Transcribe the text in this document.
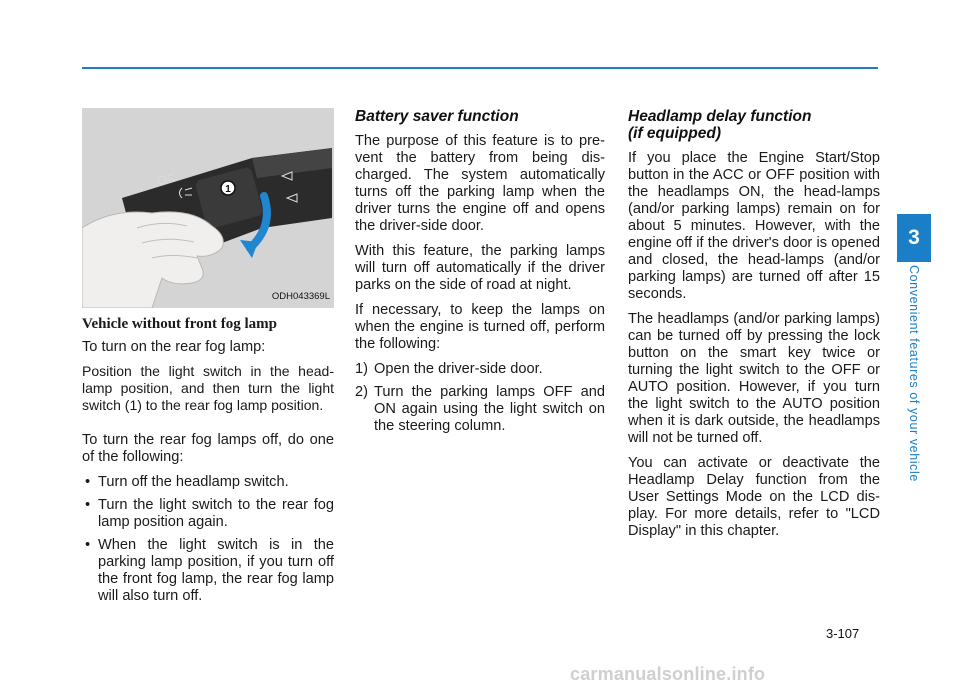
1
ODH043369L
Vehicle without front fog lamp

To turn on the rear fog lamp:

Position the light switch in the head-lamp position, and then turn the light switch (1) to the rear fog lamp position.

To turn the rear fog lamps off, do one of the following:

• Turn off the headlamp switch.
• Turn the light switch to the rear fog lamp position again.
• When the light switch is in the parking lamp position, if you turn off the front fog lamp, the rear fog lamp will also turn off.
Battery saver function

The purpose of this feature is to pre-vent the battery from being dis-charged. The system automatically turns off the parking lamp when the driver turns the engine off and opens the driver-side door.

With this feature, the parking lamps will turn off automatically if the driver parks on the side of road at night.

If necessary, to keep the lamps on when the engine is turned off, perform the following:

1) Open the driver-side door.
2) Turn the parking lamps OFF and ON again using the light switch on the steering column.
Headlamp delay function
(if equipped)

If you place the Engine Start/Stop button in the ACC or OFF position with the headlamps ON, the head-lamps (and/or parking lamps) remain on for about 5 minutes. However, with the engine off if the driver's door is opened and closed, the head-lamps (and/or parking lamps) are turned off after 15 seconds.

The headlamps (and/or parking lamps) can be turned off by pressing the lock button on the smart key twice or turning the light switch to the OFF or AUTO position. However, if you turn the light switch to the AUTO position when it is dark outside, the headlamps will not be turned off.

You can activate or deactivate the Headlamp Delay function from the User Settings Mode on the LCD dis-play. For more details, refer to "LCD Display" in this chapter.

3
Convenient features of your vehicle
3-107
carmanualsonline.info
